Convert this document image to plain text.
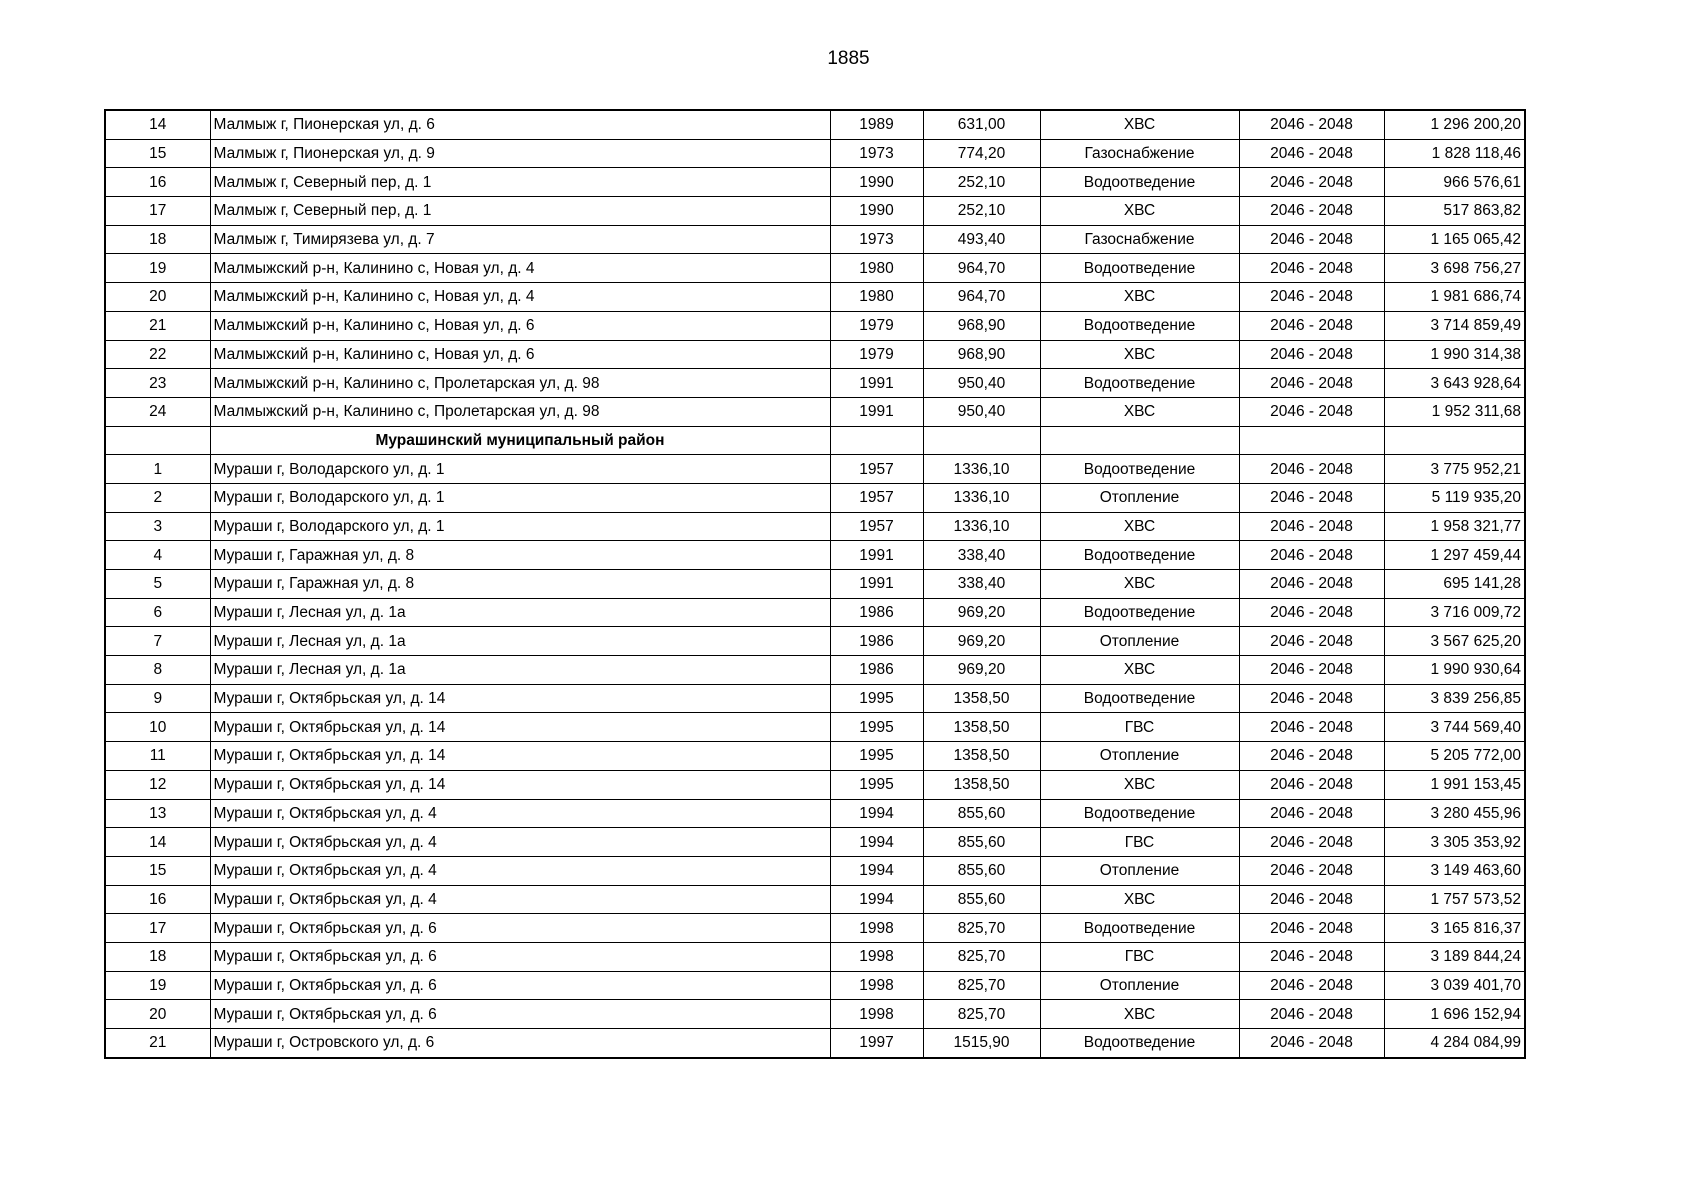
1885
14	Малмыж г, Пионерская ул, д. 6	1989	631,00	ХВС	2046 - 2048	1 296 200,20
15	Малмыж г, Пионерская ул, д. 9	1973	774,20	Газоснабжение	2046 - 2048	1 828 118,46
16	Малмыж г, Северный пер, д. 1	1990	252,10	Водоотведение	2046 - 2048	966 576,61
17	Малмыж г, Северный пер, д. 1	1990	252,10	ХВС	2046 - 2048	517 863,82
18	Малмыж г, Тимирязева ул, д. 7	1973	493,40	Газоснабжение	2046 - 2048	1 165 065,42
19	Малмыжский р-н, Калинино с, Новая ул, д. 4	1980	964,70	Водоотведение	2046 - 2048	3 698 756,27
20	Малмыжский р-н, Калинино с, Новая ул, д. 4	1980	964,70	ХВС	2046 - 2048	1 981 686,74
21	Малмыжский р-н, Калинино с, Новая ул, д. 6	1979	968,90	Водоотведение	2046 - 2048	3 714 859,49
22	Малмыжский р-н, Калинино с, Новая ул, д. 6	1979	968,90	ХВС	2046 - 2048	1 990 314,38
23	Малмыжский р-н, Калинино с, Пролетарская ул, д. 98	1991	950,40	Водоотведение	2046 - 2048	3 643 928,64
24	Малмыжский р-н, Калинино с, Пролетарская ул, д. 98	1991	950,40	ХВС	2046 - 2048	1 952 311,68
	Мурашинский муниципальный район					
1	Мураши г, Володарского ул, д. 1	1957	1336,10	Водоотведение	2046 - 2048	3 775 952,21
2	Мураши г, Володарского ул, д. 1	1957	1336,10	Отопление	2046 - 2048	5 119 935,20
3	Мураши г, Володарского ул, д. 1	1957	1336,10	ХВС	2046 - 2048	1 958 321,77
4	Мураши г, Гаражная ул, д. 8	1991	338,40	Водоотведение	2046 - 2048	1 297 459,44
5	Мураши г, Гаражная ул, д. 8	1991	338,40	ХВС	2046 - 2048	695 141,28
6	Мураши г, Лесная ул, д. 1а	1986	969,20	Водоотведение	2046 - 2048	3 716 009,72
7	Мураши г, Лесная ул, д. 1а	1986	969,20	Отопление	2046 - 2048	3 567 625,20
8	Мураши г, Лесная ул, д. 1а	1986	969,20	ХВС	2046 - 2048	1 990 930,64
9	Мураши г, Октябрьская ул, д. 14	1995	1358,50	Водоотведение	2046 - 2048	3 839 256,85
10	Мураши г, Октябрьская ул, д. 14	1995	1358,50	ГВС	2046 - 2048	3 744 569,40
11	Мураши г, Октябрьская ул, д. 14	1995	1358,50	Отопление	2046 - 2048	5 205 772,00
12	Мураши г, Октябрьская ул, д. 14	1995	1358,50	ХВС	2046 - 2048	1 991 153,45
13	Мураши г, Октябрьская ул, д. 4	1994	855,60	Водоотведение	2046 - 2048	3 280 455,96
14	Мураши г, Октябрьская ул, д. 4	1994	855,60	ГВС	2046 - 2048	3 305 353,92
15	Мураши г, Октябрьская ул, д. 4	1994	855,60	Отопление	2046 - 2048	3 149 463,60
16	Мураши г, Октябрьская ул, д. 4	1994	855,60	ХВС	2046 - 2048	1 757 573,52
17	Мураши г, Октябрьская ул, д. 6	1998	825,70	Водоотведение	2046 - 2048	3 165 816,37
18	Мураши г, Октябрьская ул, д. 6	1998	825,70	ГВС	2046 - 2048	3 189 844,24
19	Мураши г, Октябрьская ул, д. 6	1998	825,70	Отопление	2046 - 2048	3 039 401,70
20	Мураши г, Октябрьская ул, д. 6	1998	825,70	ХВС	2046 - 2048	1 696 152,94
21	Мураши г, Островского ул, д. 6	1997	1515,90	Водоотведение	2046 - 2048	4 284 084,99
